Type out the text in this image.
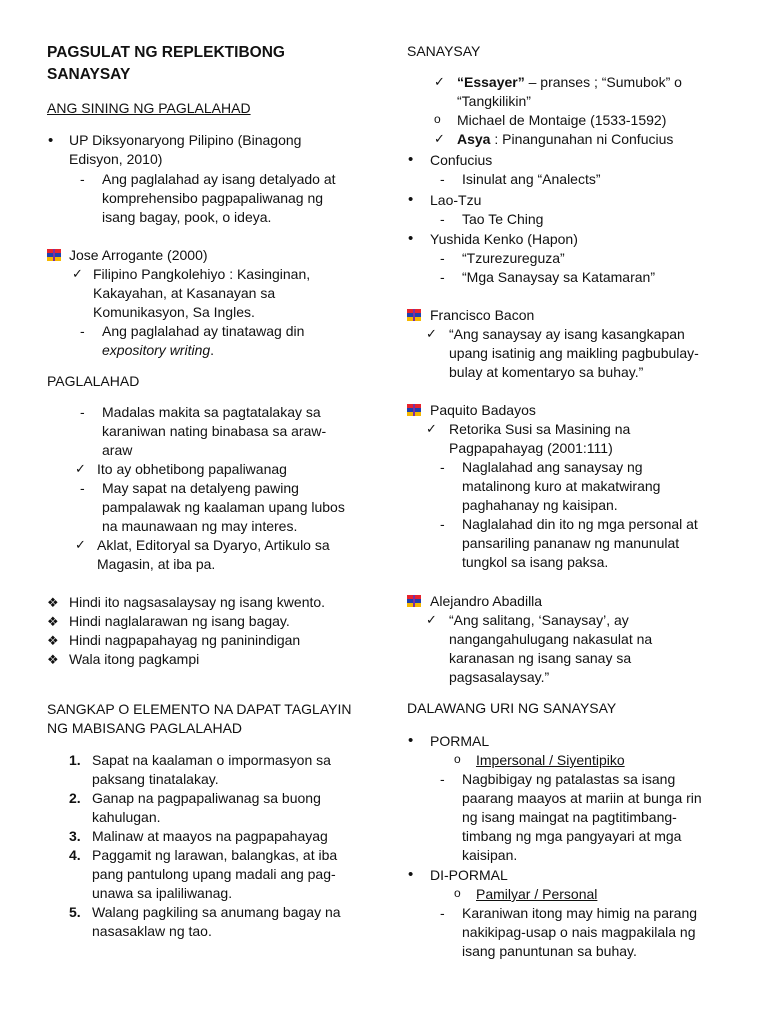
PAGSULAT NG REPLEKTIBONG
SANAYSAY
ANG SINING NG PAGLALAHAD
• UP Diksyonaryong Pilipino (Binagong
Edisyon, 2010)
- Ang paglalahad ay isang detalyado at
komprehensibo pagpapaliwanag ng
isang bagay, pook, o ideya.
Jose Arrogante (2000)
✓ Filipino Pangkolehiyo : Kasinginan,
Kakayahan, at Kasanayan sa
Komunikasyon, Sa Ingles.
- Ang paglalahad ay tinatawag din
expository writing.
PAGLALAHAD
- Madalas makita sa pagtatalakay sa
karaniwan nating binabasa sa araw-
araw
✓ Ito ay obhetibong papaliwanag
- May sapat na detalyeng pawing
pampalawak ng kaalaman upang lubos
na maunawaan ng may interes.
✓ Aklat, Editoryal sa Dyaryo, Artikulo sa
Magasin, at iba pa.
❖ Hindi ito nagsasalaysay ng isang kwento.
❖ Hindi naglalarawan ng isang bagay.
❖ Hindi nagpapahayag ng paninindigan
❖ Wala itong pagkampi
SANGKAP O ELEMENTO NA DAPAT TAGLAYIN
NG MABISANG PAGLALAHAD
1. Sapat na kaalaman o impormasyon sa
paksang tinatalakay.
2. Ganap na pagpapaliwanag sa buong
kahulugan.
3. Malinaw at maayos na pagpapahayag
4. Paggamit ng larawan, balangkas, at iba
pang pantulong upang madali ang pag-
unawa sa ipaliliwanag.
5. Walang pagkiling sa anumang bagay na
nasasaklaw ng tao.
SANAYSAY
✓ “Essayer” – pranses ; “Sumubok” o
“Tangkilikin”
o Michael de Montaige (1533-1592)
✓ Asya : Pinangunahan ni Confucius
• Confucius
- Isinulat ang “Analects”
• Lao-Tzu
- Tao Te Ching
• Yushida Kenko (Hapon)
- “Tzurezureguza”
- “Mga Sanaysay sa Katamaran”
Francisco Bacon
✓ “Ang sanaysay ay isang kasangkapan
upang isatinig ang maikling pagbubulay-
bulay at komentaryo sa buhay.”
Paquito Badayos
✓ Retorika Susi sa Masining na
Pagpapahayag (2001:111)
- Naglalahad ang sanaysay ng
matalinong kuro at makatwirang
paghahanay ng kaisipan.
- Naglalahad din ito ng mga personal at
pansariling pananaw ng manunulat
tungkol sa isang paksa.
Alejandro Abadilla
✓ “Ang salitang, ‘Sanaysay’, ay
nangangahulugang nakasulat na
karanasan ng isang sanay sa
pagsasalaysay.”
DALAWANG URI NG SANAYSAY
• PORMAL
o Impersonal / Siyentipiko
- Nagbibigay ng patalastas sa isang
paarang maayos at mariin at bunga rin
ng isang maingat na pagtitimbang-
timbang ng mga pangyayari at mga
kaisipan.
• DI-PORMAL
o Pamilyar / Personal
- Karaniwan itong may himig na parang
nakikipag-usap o nais magpakilala ng
isang panuntunan sa buhay.
